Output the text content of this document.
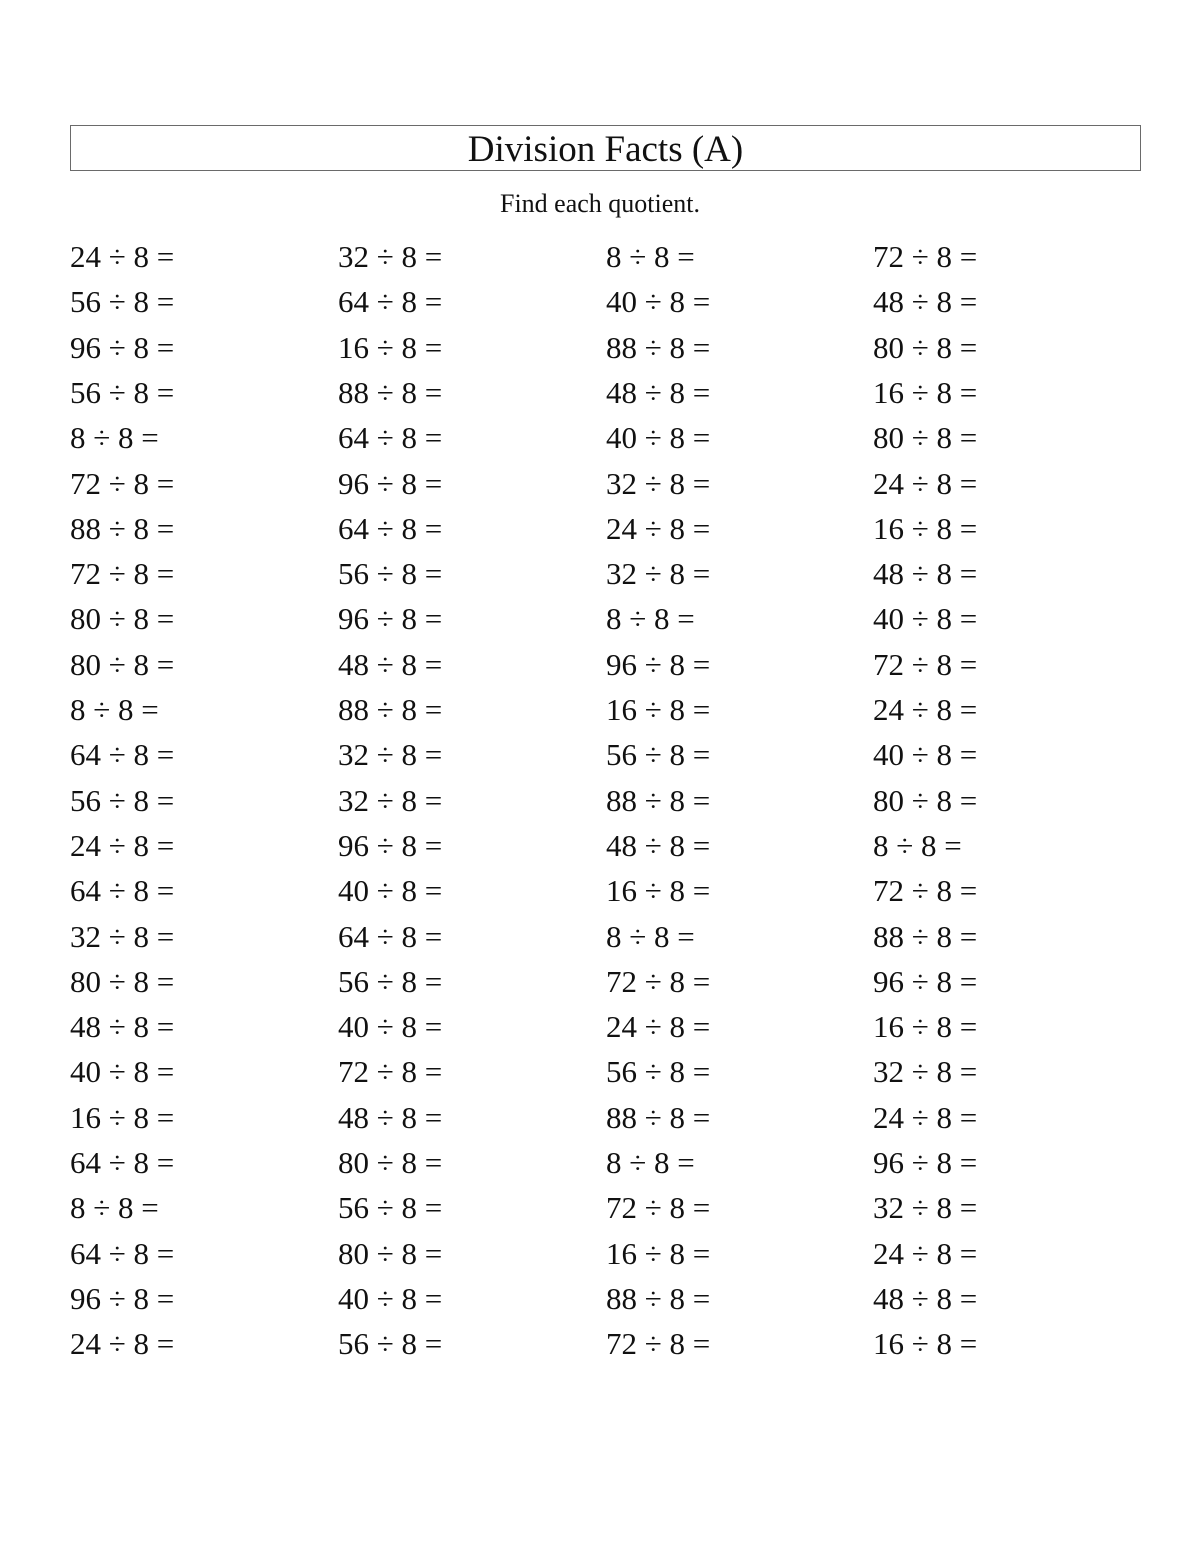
Division Facts (A)
Find each quotient.
24 ÷ 8 =	32 ÷ 8 =	8 ÷ 8 =	72 ÷ 8 =
56 ÷ 8 =	64 ÷ 8 =	40 ÷ 8 =	48 ÷ 8 =
96 ÷ 8 =	16 ÷ 8 =	88 ÷ 8 =	80 ÷ 8 =
56 ÷ 8 =	88 ÷ 8 =	48 ÷ 8 =	16 ÷ 8 =
8 ÷ 8 =	64 ÷ 8 =	40 ÷ 8 =	80 ÷ 8 =
72 ÷ 8 =	96 ÷ 8 =	32 ÷ 8 =	24 ÷ 8 =
88 ÷ 8 =	64 ÷ 8 =	24 ÷ 8 =	16 ÷ 8 =
72 ÷ 8 =	56 ÷ 8 =	32 ÷ 8 =	48 ÷ 8 =
80 ÷ 8 =	96 ÷ 8 =	8 ÷ 8 =	40 ÷ 8 =
80 ÷ 8 =	48 ÷ 8 =	96 ÷ 8 =	72 ÷ 8 =
8 ÷ 8 =	88 ÷ 8 =	16 ÷ 8 =	24 ÷ 8 =
64 ÷ 8 =	32 ÷ 8 =	56 ÷ 8 =	40 ÷ 8 =
56 ÷ 8 =	32 ÷ 8 =	88 ÷ 8 =	80 ÷ 8 =
24 ÷ 8 =	96 ÷ 8 =	48 ÷ 8 =	8 ÷ 8 =
64 ÷ 8 =	40 ÷ 8 =	16 ÷ 8 =	72 ÷ 8 =
32 ÷ 8 =	64 ÷ 8 =	8 ÷ 8 =	88 ÷ 8 =
80 ÷ 8 =	56 ÷ 8 =	72 ÷ 8 =	96 ÷ 8 =
48 ÷ 8 =	40 ÷ 8 =	24 ÷ 8 =	16 ÷ 8 =
40 ÷ 8 =	72 ÷ 8 =	56 ÷ 8 =	32 ÷ 8 =
16 ÷ 8 =	48 ÷ 8 =	88 ÷ 8 =	24 ÷ 8 =
64 ÷ 8 =	80 ÷ 8 =	8 ÷ 8 =	96 ÷ 8 =
8 ÷ 8 =	56 ÷ 8 =	72 ÷ 8 =	32 ÷ 8 =
64 ÷ 8 =	80 ÷ 8 =	16 ÷ 8 =	24 ÷ 8 =
96 ÷ 8 =	40 ÷ 8 =	88 ÷ 8 =	48 ÷ 8 =
24 ÷ 8 =	56 ÷ 8 =	72 ÷ 8 =	16 ÷ 8 =
